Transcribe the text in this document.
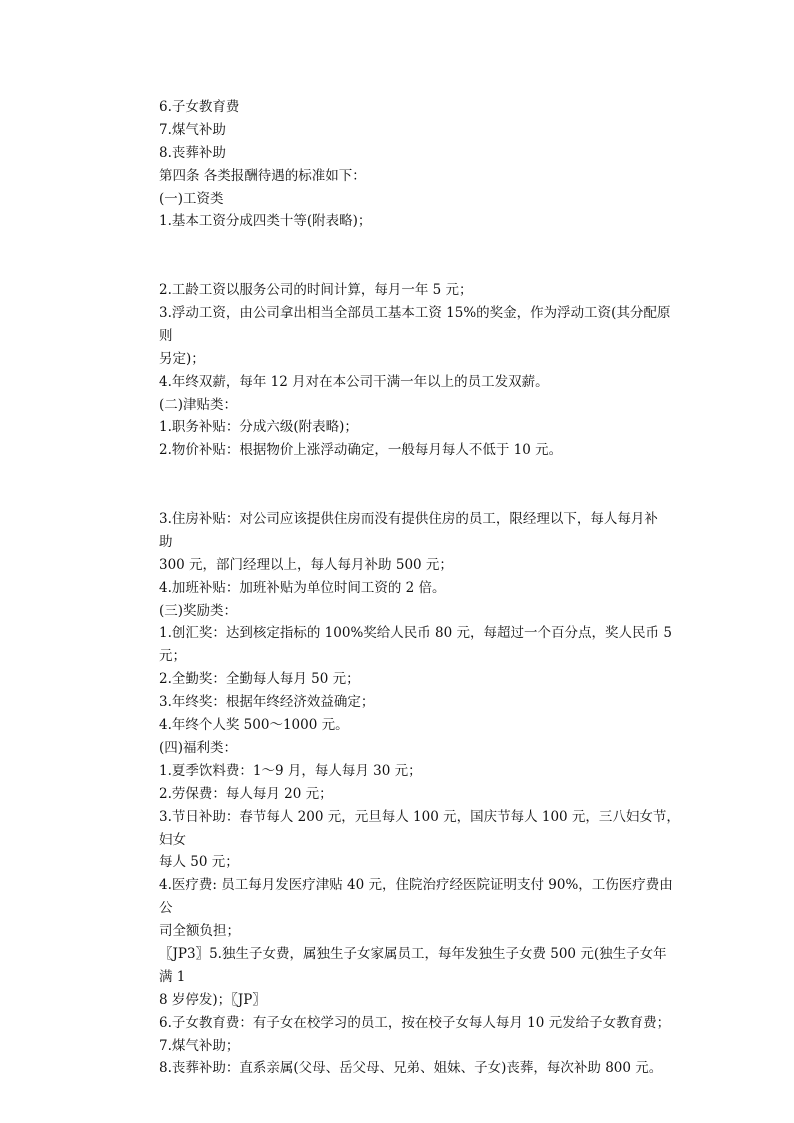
6.子女教育费
7.煤气补助
8.丧葬补助
第四条 各类报酬待遇的标准如下：
(一)工资类
1.基本工资分成四类十等(附表略)；
2.工龄工资以服务公司的时间计算，每月一年 5 元；
3.浮动工资，由公司拿出相当全部员工基本工资 15%的奖金，作为浮动工资(其分配原
则
另定)；
4.年终双薪，每年 12 月对在本公司干满一年以上的员工发双薪。
(二)津贴类：
1.职务补贴：分成六级(附表略)；
2.物价补贴：根据物价上涨浮动确定，一般每月每人不低于 10 元。
3.住房补贴：对公司应该提供住房而没有提供住房的员工，限经理以下，每人每月补
助
300 元，部门经理以上，每人每月补助 500 元；
4.加班补贴：加班补贴为单位时间工资的 2 倍。
(三)奖励类：
1.创汇奖：达到核定指标的 100%奖给人民币 80 元，每超过一个百分点，奖人民币 5
元；
2.全勤奖：全勤每人每月 50 元；
3.年终奖：根据年终经济效益确定；
4.年终个人奖 500～1000 元。
(四)福利类：
1.夏季饮料费：1～9 月，每人每月 30 元；
2.劳保费：每人每月 20 元；
3.节日补助：春节每人 200 元，元旦每人 100 元，国庆节每人 100 元，三八妇女节，
妇女
每人 50 元；
4.医疗费: 员工每月发医疗津贴 40 元，住院治疗经医院证明支付 90%，工伤医疗费由
公
司全额负担；
〖JP3〗5.独生子女费，属独生子女家属员工，每年发独生子女费 500 元(独生子女年
满 1
8 岁停发)；〖JP〗
6.子女教育费：有子女在校学习的员工，按在校子女每人每月 10 元发给子女教育费；
7.煤气补助；
8.丧葬补助：直系亲属(父母、岳父母、兄弟、姐妹、子女)丧葬，每次补助 800 元。
